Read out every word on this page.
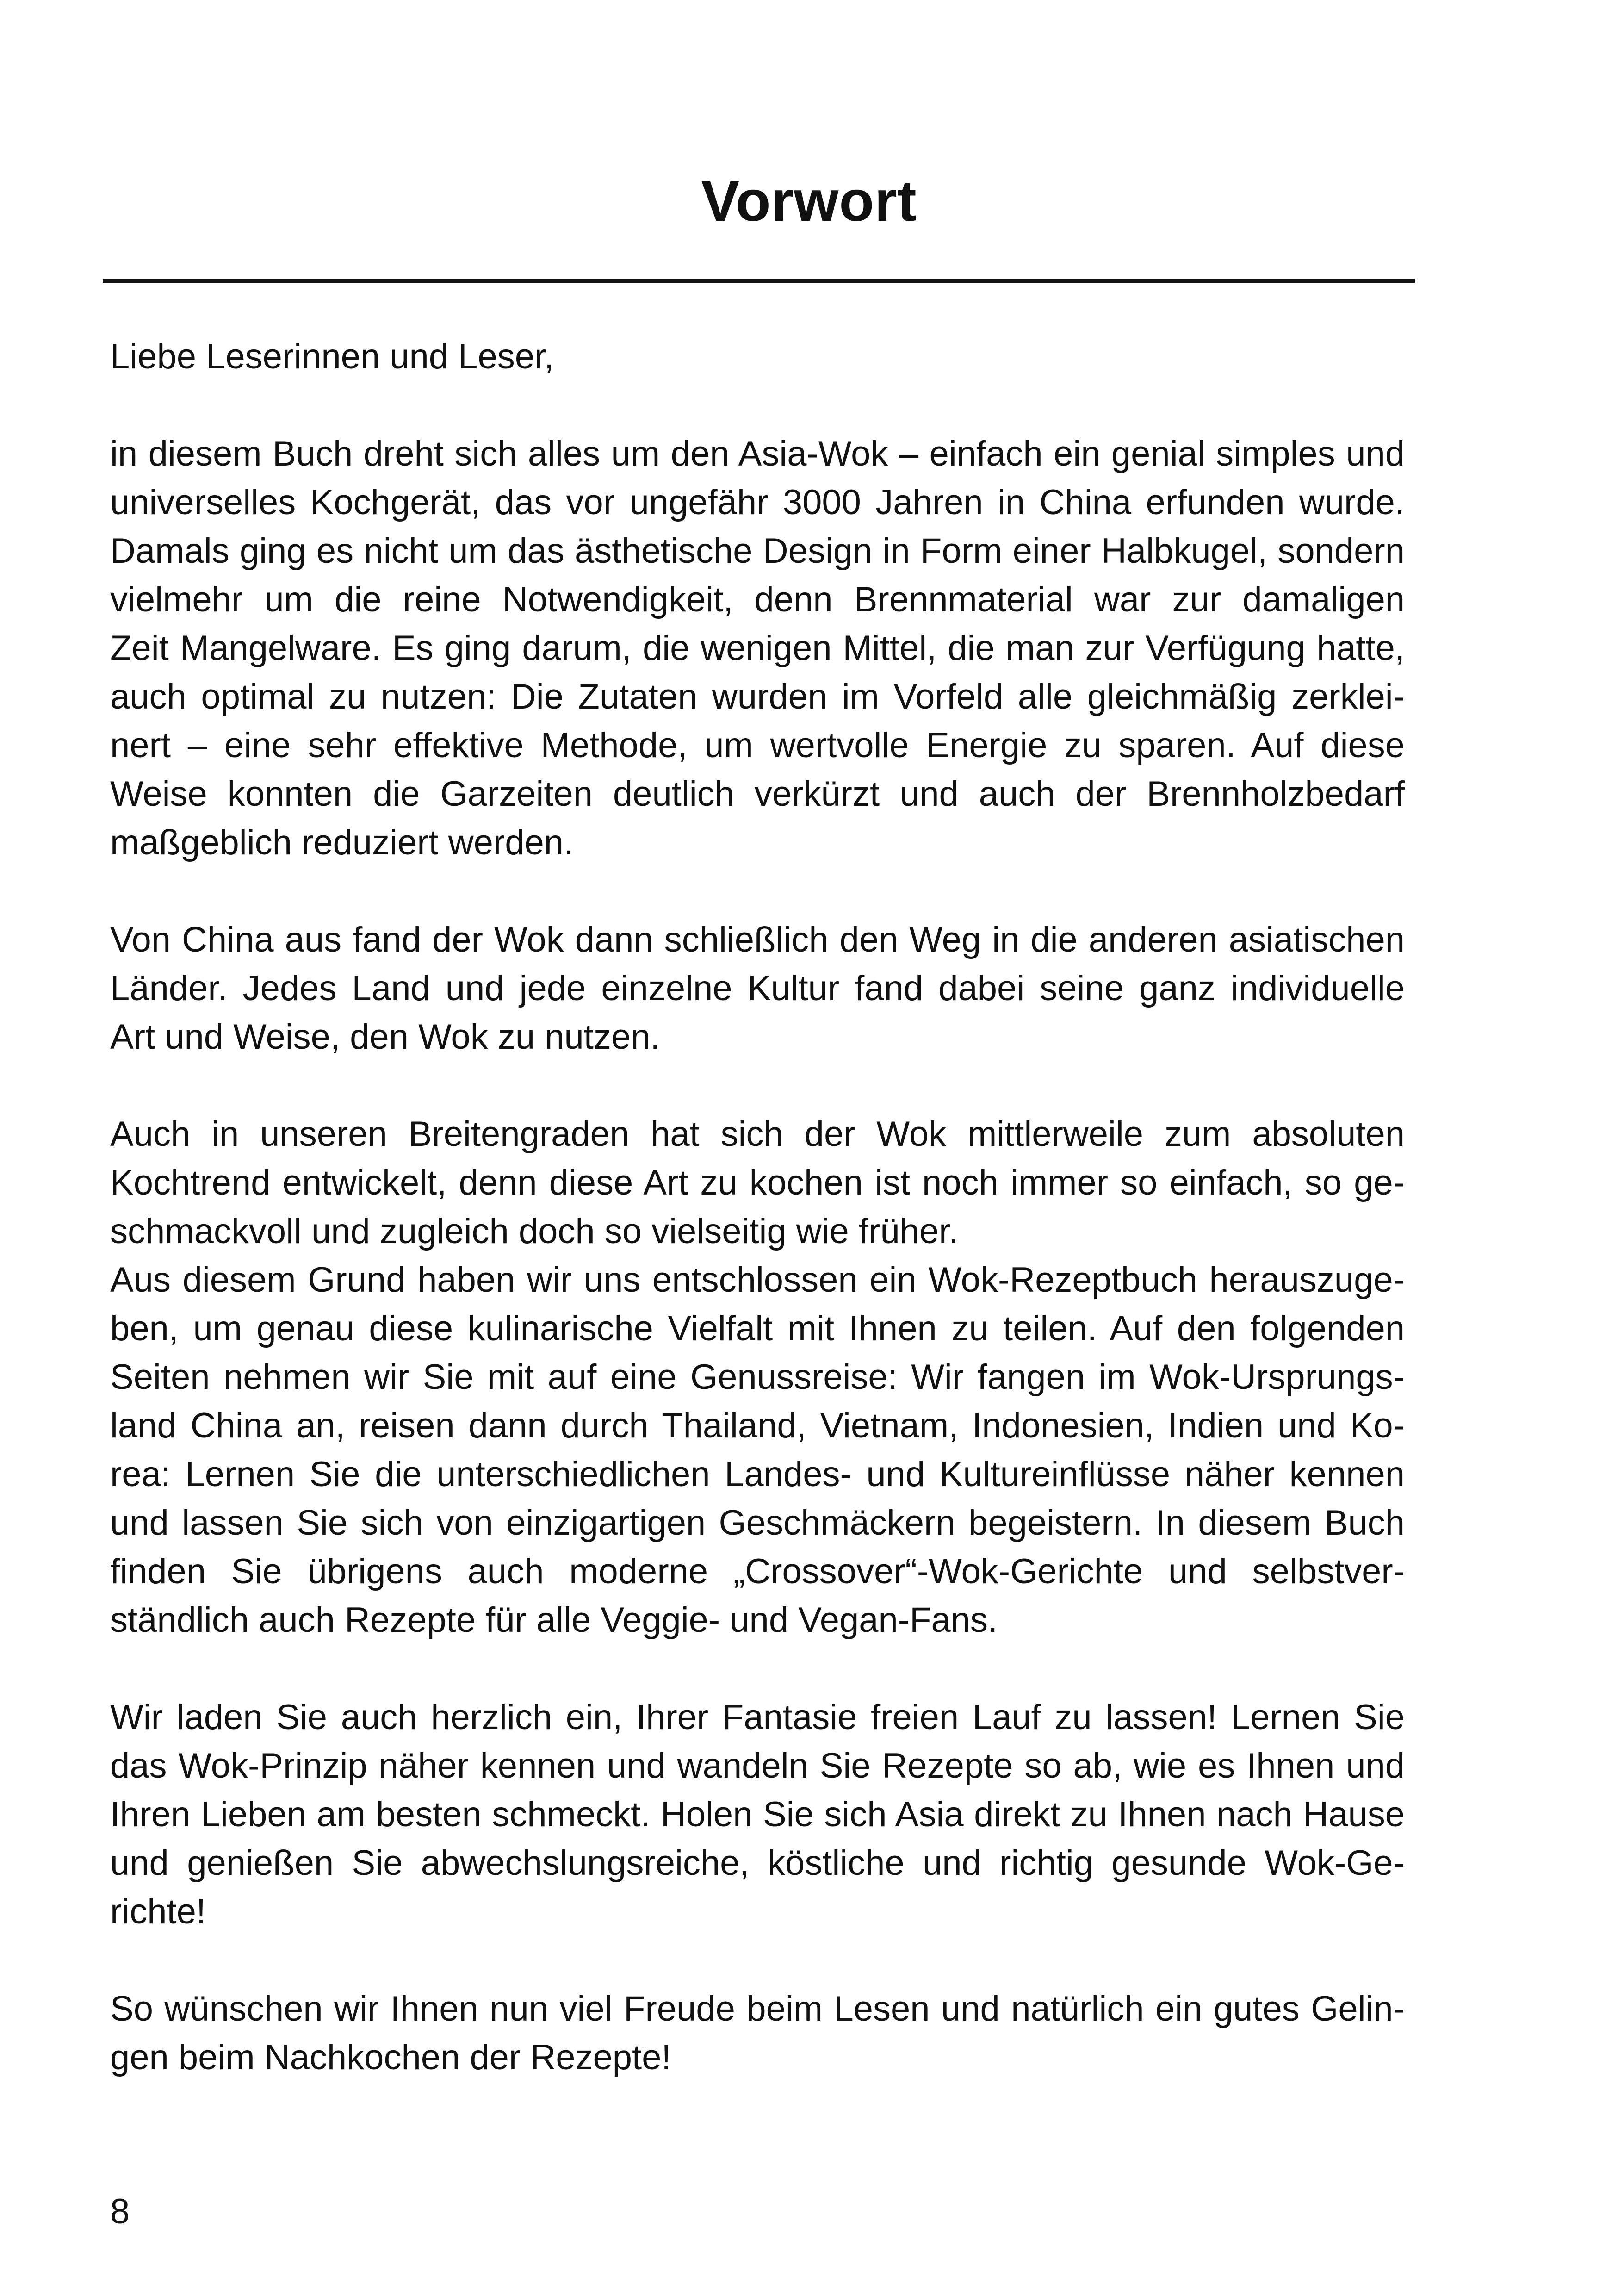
Vorwort
Liebe Leserinnen und Leser,
in diesem Buch dreht sich alles um den Asia-Wok – einfach ein genial simples und
universelles Kochgerät, das vor ungefähr 3000 Jahren in China erfunden wurde.
Damals ging es nicht um das ästhetische Design in Form einer Halbkugel, sondern
vielmehr um die reine Notwendigkeit, denn Brennmaterial war zur damaligen
Zeit Mangelware. Es ging darum, die wenigen Mittel, die man zur Verfügung hatte,
auch optimal zu nutzen: Die Zutaten wurden im Vorfeld alle gleichmäßig zerklei-
nert – eine sehr effektive Methode, um wertvolle Energie zu sparen. Auf diese
Weise konnten die Garzeiten deutlich verkürzt und auch der Brennholzbedarf
maßgeblich reduziert werden.
Von China aus fand der Wok dann schließlich den Weg in die anderen asiatischen
Länder. Jedes Land und jede einzelne Kultur fand dabei seine ganz individuelle
Art und Weise, den Wok zu nutzen.
Auch in unseren Breitengraden hat sich der Wok mittlerweile zum absoluten
Kochtrend entwickelt, denn diese Art zu kochen ist noch immer so einfach, so ge-
schmackvoll und zugleich doch so vielseitig wie früher.
Aus diesem Grund haben wir uns entschlossen ein Wok-Rezeptbuch herauszuge-
ben, um genau diese kulinarische Vielfalt mit Ihnen zu teilen. Auf den folgenden
Seiten nehmen wir Sie mit auf eine Genussreise: Wir fangen im Wok-Ursprungs-
land China an, reisen dann durch Thailand, Vietnam, Indonesien, Indien und Ko-
rea: Lernen Sie die unterschiedlichen Landes- und Kultureinflüsse näher kennen
und lassen Sie sich von einzigartigen Geschmäckern begeistern. In diesem Buch
finden Sie übrigens auch moderne „Crossover“-Wok-Gerichte und selbstver-
ständlich auch Rezepte für alle Veggie- und Vegan-Fans.
Wir laden Sie auch herzlich ein, Ihrer Fantasie freien Lauf zu lassen! Lernen Sie
das Wok-Prinzip näher kennen und wandeln Sie Rezepte so ab, wie es Ihnen und
Ihren Lieben am besten schmeckt. Holen Sie sich Asia direkt zu Ihnen nach Hause
und genießen Sie abwechslungsreiche, köstliche und richtig gesunde Wok-Ge-
richte!
So wünschen wir Ihnen nun viel Freude beim Lesen und natürlich ein gutes Gelin-
gen beim Nachkochen der Rezepte!
8
